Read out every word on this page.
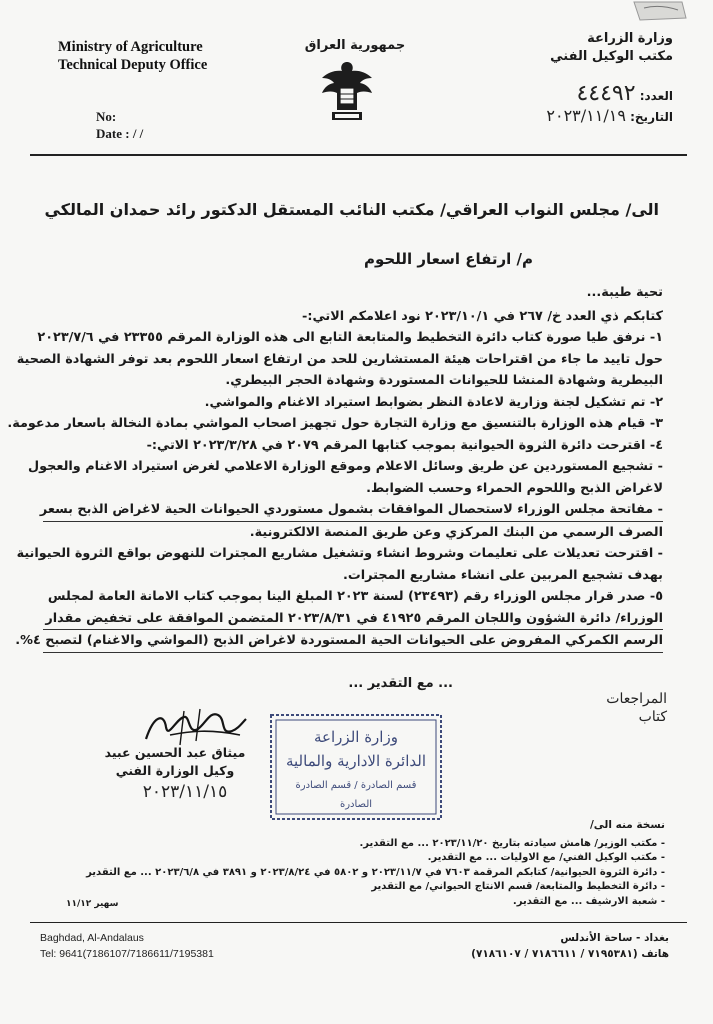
Ministry of Agriculture
Technical Deputy Office
No:
Date : / /
جمهورية العراق	وزارة الزراعة
مكتب الوكيل الفني
العدد: ٤٤٤٩٢
التاريخ: ٢٠٢٣/١١/١٩
الى/ مجلس النواب العراقي/ مكتب النائب المستقل الدكتور رائد حمدان المالكي
م/ ارتفاع اسعار اللحوم

تحية طيبة...

كتابكم ذي العدد خ/ ٢٦٧ في ٢٠٢٣/١٠/١ نود اعلامكم الاتي:-

١- نرفق طيا صورة كتاب دائرة التخطيط والمتابعة التابع الى هذه الوزارة المرقم ٢٣٣٥٥ في ٢٠٢٣/٧/٦

حول تاييد ما جاء من اقتراحات هيئة المستشارين للحد من ارتفاع اسعار اللحوم بعد توفر الشهادة الصحية

البيطرية وشهادة المنشا للحيوانات المستوردة وشهادة الحجر البيطري.

٢- تم تشكيل لجنة وزارية لاعادة النظر بضوابط استيراد الاغنام والمواشي.

٣- قيام هذه الوزارة بالتنسيق مع وزارة التجارة حول تجهيز اصحاب المواشي بمادة النخالة باسعار مدعومة.

٤- اقترحت دائرة الثروة الحيوانية بموجب كتابها المرقم ٢٠٧٩ في ٢٠٢٣/٣/٢٨ الاتي:-

- تشجيع المستوردين عن طريق وسائل الاعلام وموقع الوزارة الاعلامي لغرض استيراد الاغنام والعجول

لاغراض الذبح واللحوم الحمراء وحسب الضوابط.

- مفاتحة مجلس الوزراء لاستحصال الموافقات بشمول مستوردي الحيوانات الحية لاغراض الذبح بسعر

الصرف الرسمي من البنك المركزي وعن طريق المنصة الالكترونية.

- اقترحت تعديلات على تعليمات وشروط انشاء وتشغيل مشاريع المجترات للنهوض بواقع الثروة الحيوانية

بهدف تشجيع المربين على انشاء مشاريع المجترات.

٥- صدر قرار مجلس الوزراء رقم (٢٣٤٩٣) لسنة ٢٠٢٣ المبلغ الينا بموجب كتاب الامانة العامة لمجلس

الوزراء/ دائرة الشؤون واللجان المرقم ٤١٩٢٥ في ٢٠٢٣/٨/٣١ المتضمن الموافقة على تخفيض مقدار

الرسم الكمركي المفروض على الحيوانات الحية المستوردة لاغراض الذبح (المواشي والاغنام) لتصبح ٤%.

... مع التقدير ...
المراجعات
كتاب
وزارة الزراعة
الدائرة الادارية والمالية
قسم الصادرة / قسم الصادرة
الصادرة
ميثاق عبد الحسين عبيد
وكيل الوزارة الفني
٢٠٢٣/١١/١٥

نسخة منه الى/

- مكتب الوزير/ هامش سيادته بتاريخ ٢٠٢٣/١١/٢٠ ... مع التقدير.

- مكتب الوكيل الفني/ مع الاوليات ... مع التقدير.

- دائرة الثروة الحيوانية/ كتابكم المرقمة ٧٦٠٣ في ٢٠٢٣/١١/٧ و ٥٨٠٢ في ٢٠٢٣/٨/٢٤ و ٣٨٩١ في ٢٠٢٣/٦/٨ ... مع التقدير

- دائرة التخطيط والمتابعة/ قسم الانتاج الحيواني/ مع التقدير

- شعبة الارشيف ... مع التقدير.

سهير ١١/١٢
Baghdad, Al-Andalaus
Tel: 9641(7186107/7186611/7195381
بغداد - ساحة الأندلس
هاتف (٧١٩٥٣٨١ / ٧١٨٦٦١١ / ٧١٨٦١٠٧)
